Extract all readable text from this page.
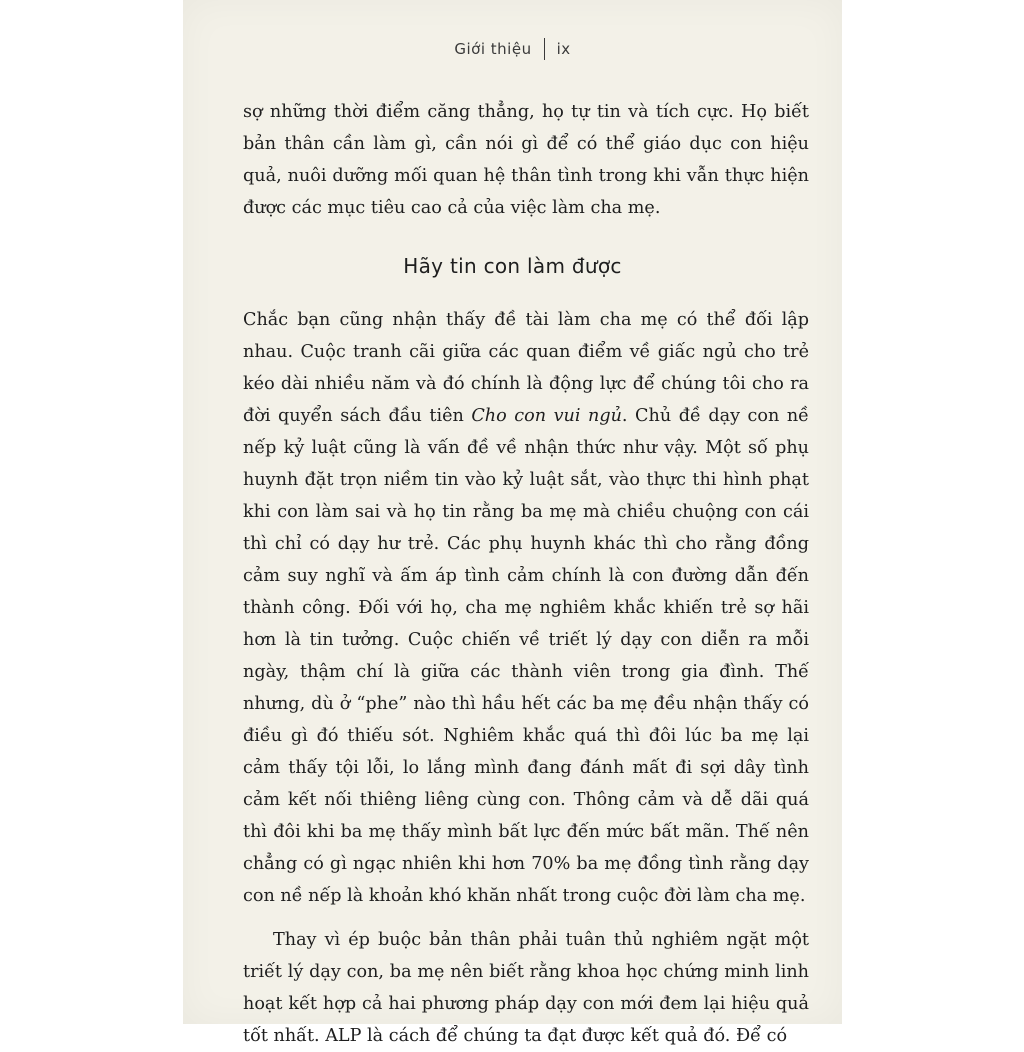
Giới thiệu ix

sợ những thời điểm căng thẳng, họ tự tin và tích cực. Họ biết bản thân cần làm gì, cần nói gì để có thể giáo dục con hiệu quả, nuôi dưỡng mối quan hệ thân tình trong khi vẫn thực hiện được các mục tiêu cao cả của việc làm cha mẹ.

Hãy tin con làm được

Chắc bạn cũng nhận thấy đề tài làm cha mẹ có thể đối lập nhau. Cuộc tranh cãi giữa các quan điểm về giấc ngủ cho trẻ kéo dài nhiều năm và đó chính là động lực để chúng tôi cho ra đời quyển sách đầu tiên Cho con vui ngủ. Chủ đề dạy con nề nếp kỷ luật cũng là vấn đề về nhận thức như vậy. Một số phụ huynh đặt trọn niềm tin vào kỷ luật sắt, vào thực thi hình phạt khi con làm sai và họ tin rằng ba mẹ mà chiều chuộng con cái thì chỉ có dạy hư trẻ. Các phụ huynh khác thì cho rằng đồng cảm suy nghĩ và ấm áp tình cảm chính là con đường dẫn đến thành công. Đối với họ, cha mẹ nghiêm khắc khiến trẻ sợ hãi hơn là tin tưởng. Cuộc chiến về triết lý dạy con diễn ra mỗi ngày, thậm chí là giữa các thành viên trong gia đình. Thế nhưng, dù ở “phe” nào thì hầu hết các ba mẹ đều nhận thấy có điều gì đó thiếu sót. Nghiêm khắc quá thì đôi lúc ba mẹ lại cảm thấy tội lỗi, lo lắng mình đang đánh mất đi sợi dây tình cảm kết nối thiêng liêng cùng con. Thông cảm và dễ dãi quá thì đôi khi ba mẹ thấy mình bất lực đến mức bất mãn. Thế nên chẳng có gì ngạc nhiên khi hơn 70% ba mẹ đồng tình rằng dạy con nề nếp là khoản khó khăn nhất trong cuộc đời làm cha mẹ.

Thay vì ép buộc bản thân phải tuân thủ nghiêm ngặt một triết lý dạy con, ba mẹ nên biết rằng khoa học chứng minh linh hoạt kết hợp cả hai phương pháp dạy con mới đem lại hiệu quả tốt nhất. ALP là cách để chúng ta đạt được kết quả đó. Để có
